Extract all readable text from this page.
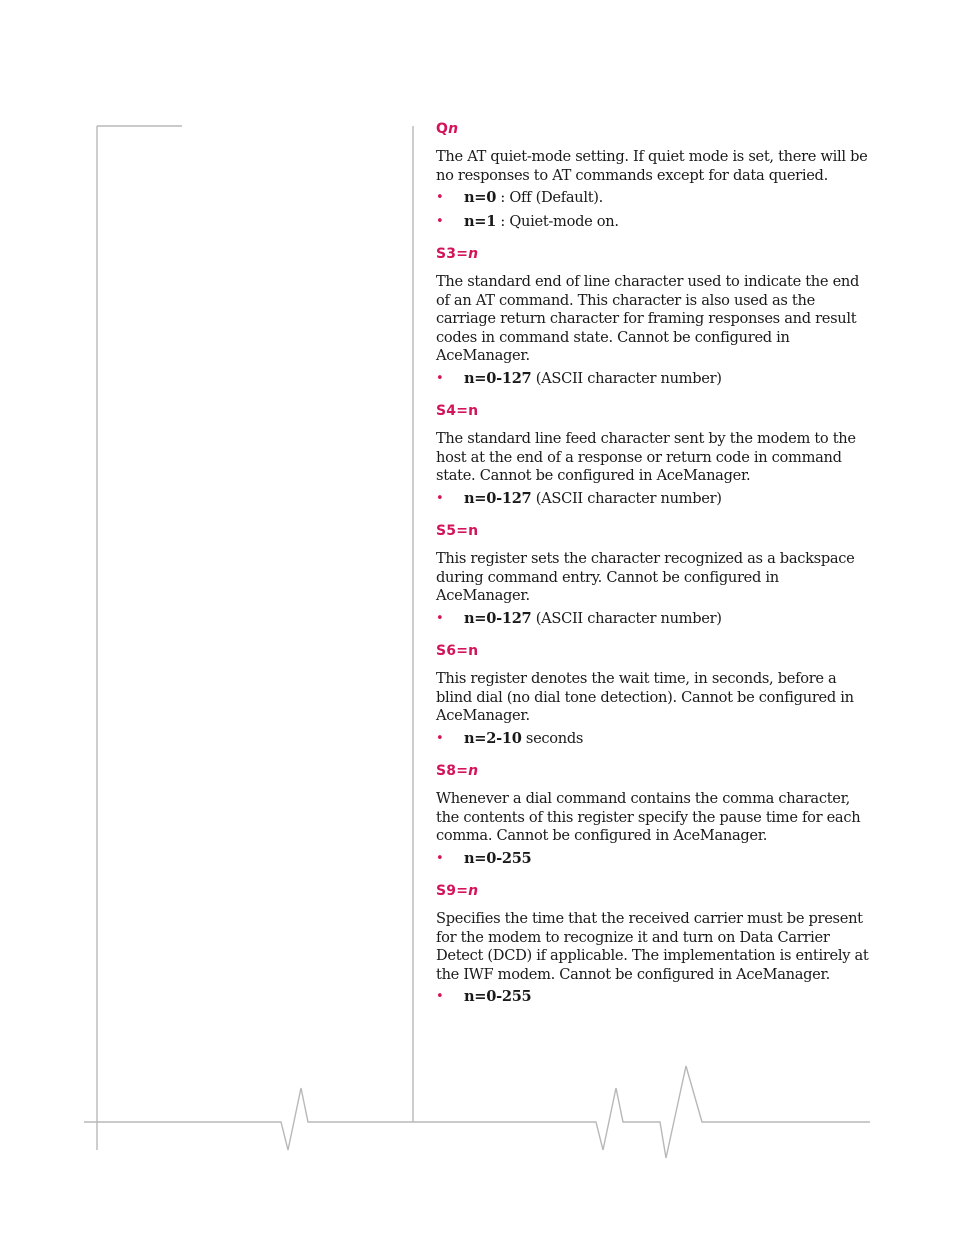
Qn

The AT quiet-mode setting. If quiet mode is set, there will be no responses to AT commands except for data queried.

• n=0 : Off (Default).
• n=1 : Quiet-mode on.
S3=n

The standard end of line character used to indicate the end of an AT command. This character is also used as the carriage return character for framing responses and result codes in command state. Cannot be configured in AceManager.

• n=0-127 (ASCII character number)
S4=n

The standard line feed character sent by the modem to the host at the end of a response or return code in command state. Cannot be configured in AceManager.

• n=0-127 (ASCII character number)
S5=n

This register sets the character recognized as a backspace during command entry. Cannot be configured in AceManager.

• n=0-127 (ASCII character number)
S6=n

This register denotes the wait time, in seconds, before a blind dial (no dial tone detection). Cannot be configured in AceManager.

• n=2-10 seconds
S8=n

Whenever a dial command contains the comma character, the contents of this register specify the pause time for each comma. Cannot be configured in AceManager.

• n=0-255
S9=n

Specifies the time that the received carrier must be present for the modem to recognize it and turn on Data Carrier Detect (DCD) if applicable. The implementation is entirely at the IWF modem. Cannot be configured in AceManager.

• n=0-255
